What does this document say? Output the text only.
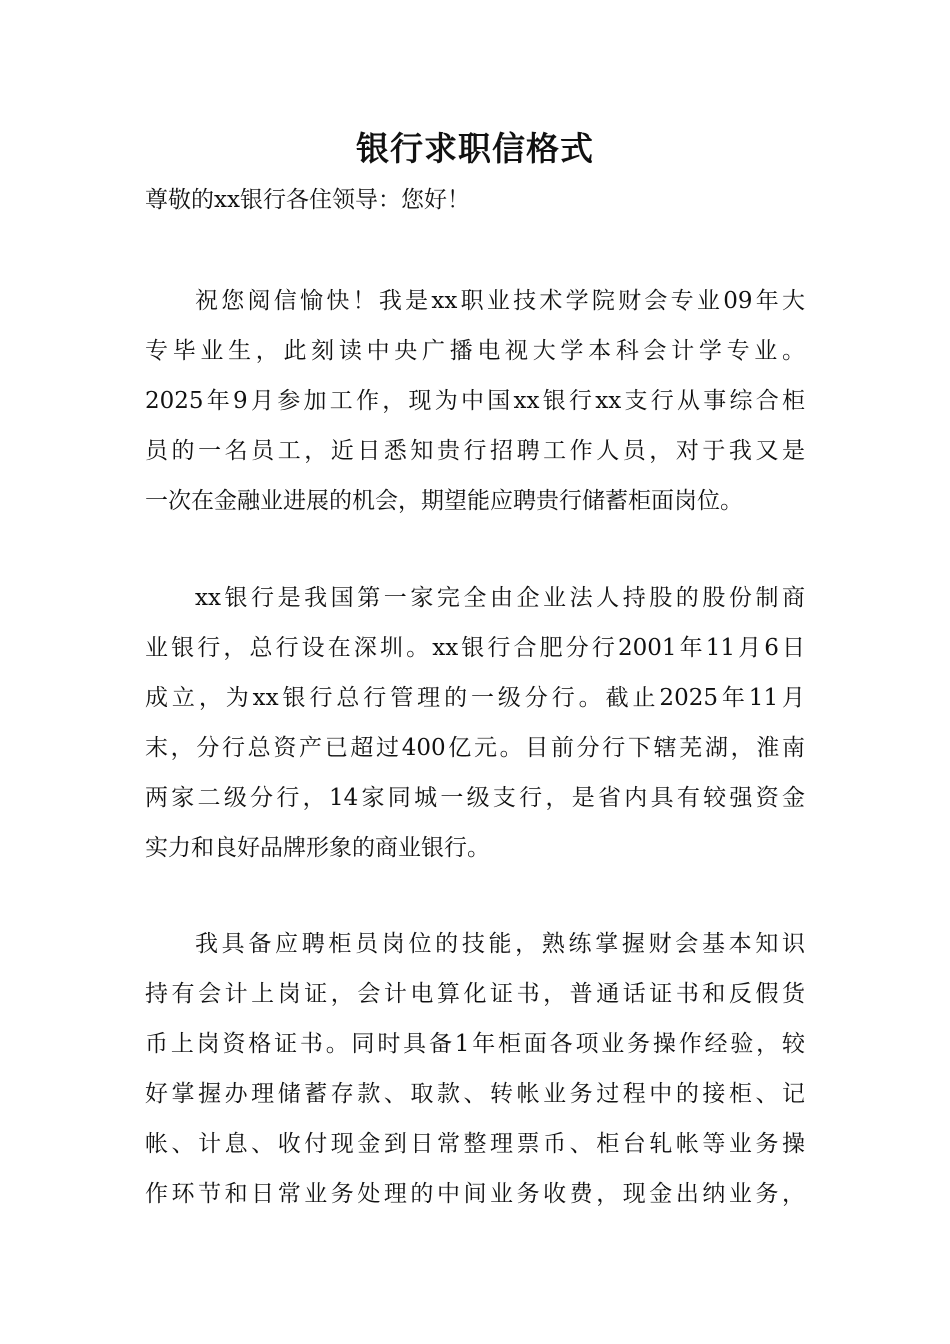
银行求职信格式
尊敬的xx银行各住领导：您好！
祝您阅信愉快！我是xx职业技术学院财会专业09年大
专毕业生，此刻读中央广播电视大学本科会计学专业。
2025年9月参加工作，现为中国xx银行xx支行从事综合柜
员的一名员工，近日悉知贵行招聘工作人员，对于我又是
一次在金融业进展的机会，期望能应聘贵行储蓄柜面岗位。
xx银行是我国第一家完全由企业法人持股的股份制商
业银行，总行设在深圳。xx银行合肥分行2001年11月6日
成立，为xx银行总行管理的一级分行。截止2025年11月
末，分行总资产已超过400亿元。目前分行下辖芜湖，淮南
两家二级分行，14家同城一级支行，是省内具有较强资金
实力和良好品牌形象的商业银行。
我具备应聘柜员岗位的技能，熟练掌握财会基本知识
持有会计上岗证，会计电算化证书，普通话证书和反假货
币上岗资格证书。同时具备1年柜面各项业务操作经验，较
好掌握办理储蓄存款、取款、转帐业务过程中的接柜、记
帐、计息、收付现金到日常整理票币、柜台轧帐等业务操
作环节和日常业务处理的中间业务收费，现金出纳业务，
